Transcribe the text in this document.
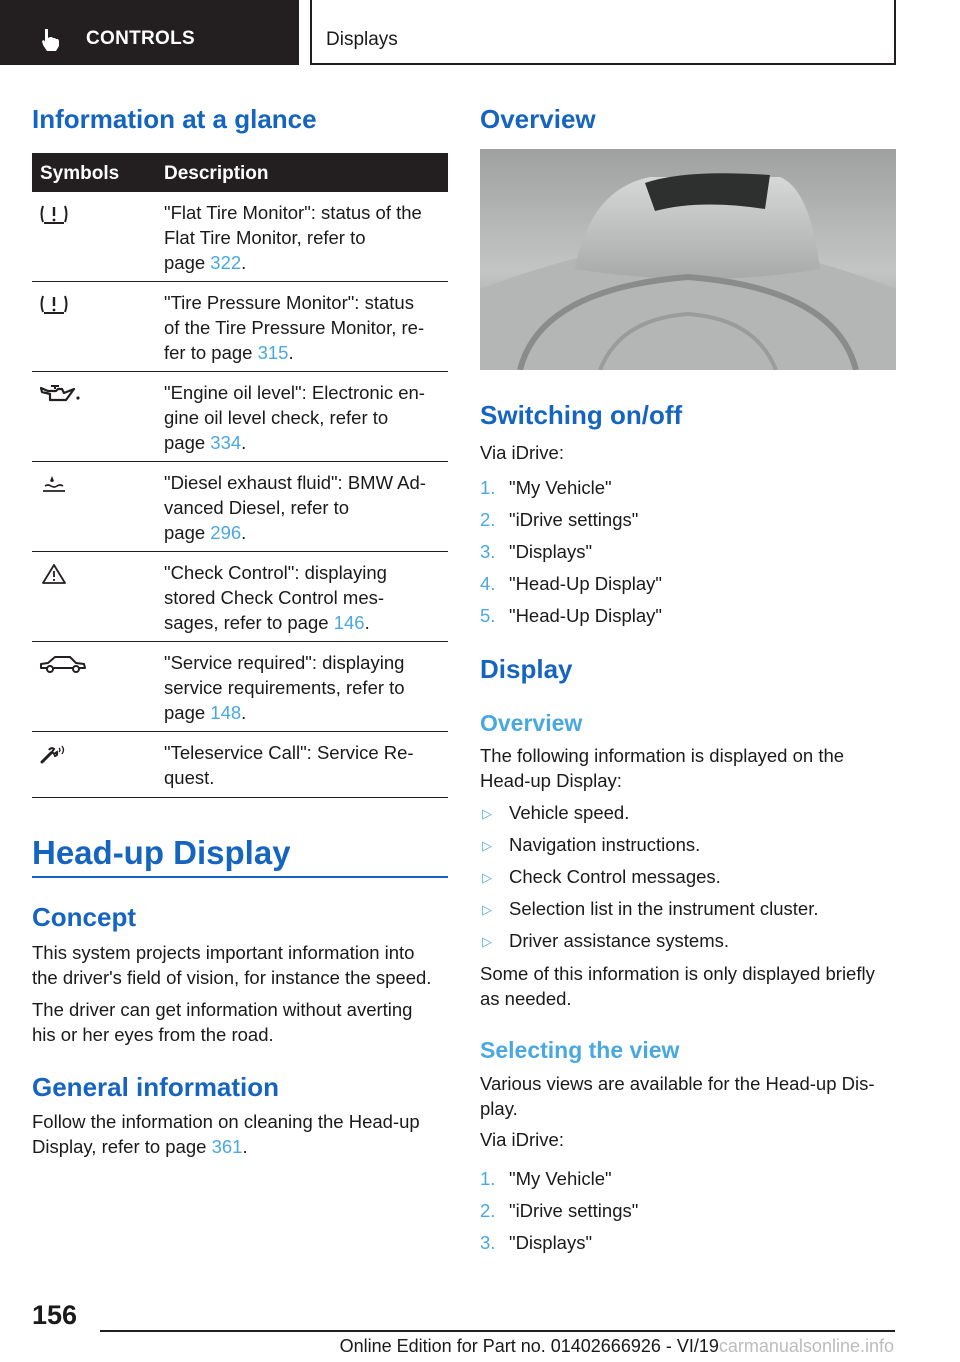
CONTROLS	Displays
Information at a glance
Symbols Description
"Flat Tire Monitor": status of the
Flat Tire Monitor, refer to
page 322.
"Tire Pressure Monitor": status
of the Tire Pressure Monitor, re-
fer to page 315.
"Engine oil level": Electronic en-
gine oil level check, refer to
page 334.
"Diesel exhaust fluid": BMW Ad-
vanced Diesel, refer to
page 296.
"Check Control": displaying
stored Check Control mes-
sages, refer to page 146.
"Service required": displaying
service requirements, refer to
page 148.
"Teleservice Call": Service Re-
quest.
Head-up Display
Concept
This system projects important information into
the driver's field of vision, for instance the speed.
The driver can get information without averting
his or her eyes from the road.
General information
Follow the information on cleaning the Head-up
Display, refer to page 361.
Overview
Switching on/off
Via iDrive:
1. "My Vehicle"
2. "iDrive settings"
3. "Displays"
4. "Head-Up Display"
5. "Head-Up Display"
Display
Overview
The following information is displayed on the
Head-up Display:
▷ Vehicle speed.
▷ Navigation instructions.
▷ Check Control messages.
▷ Selection list in the instrument cluster.
▷ Driver assistance systems.
Some of this information is only displayed briefly
as needed.
Selecting the view
Various views are available for the Head-up Dis-
play.
Via iDrive:
1. "My Vehicle"
2. "iDrive settings"
3. "Displays"
156
Online Edition for Part no. 01402666926 - VI/19carmanualsonline.info
